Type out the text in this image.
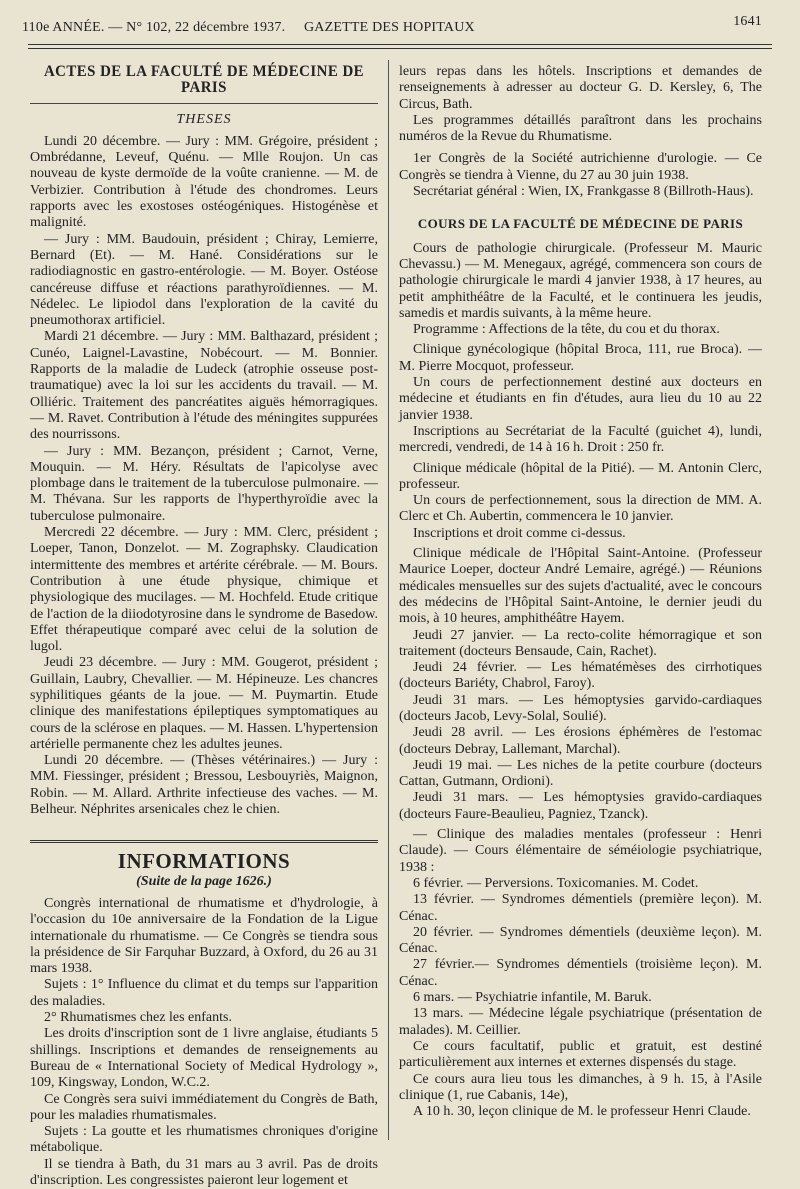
110e ANNÉE. — N° 102, 22 décembre 1937. GAZETTE DES HOPITAUX	1641
ACTES DE LA FACULTÉ DE MÉDECINE DE PARIS
THESES

Lundi 20 décembre. — Jury : MM. Grégoire, président ; Ombrédanne, Leveuf, Quénu. — Mlle Roujon. Un cas nouveau de kyste dermoïde de la voûte cranienne. — M. de Verbizier. Contribution à l'étude des chondromes. Leurs rapports avec les exostoses ostéogéniques. Histogénèse et malignité.

— Jury : MM. Baudouin, président ; Chiray, Lemierre, Bernard (Et). — M. Hané. Considérations sur le radiodiagnostic en gastro-entérologie. — M. Boyer. Ostéose cancéreuse diffuse et réactions parathyroïdiennes. — M. Nédelec. Le lipiodol dans l'exploration de la cavité du pneumothorax artificiel.

Mardi 21 décembre. — Jury : MM. Balthazard, président ; Cunéo, Laignel-Lavastine, Nobécourt. — M. Bonnier. Rapports de la maladie de Ludeck (atrophie osseuse post-traumatique) avec la loi sur les accidents du travail. — M. Olliéric. Traitement des pancréatites aiguës hémorragiques. — M. Ravet. Contribution à l'étude des méningites suppurées des nourrissons.

— Jury : MM. Bezançon, président ; Carnot, Verne, Mouquin. — M. Héry. Résultats de l'apicolyse avec plombage dans le traitement de la tuberculose pulmonaire. — M. Thévana. Sur les rapports de l'hyperthyroïdie avec la tuberculose pulmonaire.

Mercredi 22 décembre. — Jury : MM. Clerc, président ; Loeper, Tanon, Donzelot. — M. Zographsky. Claudication intermittente des membres et artérite cérébrale. — M. Bours. Contribution à une étude physique, chimique et physiologique des mucilages. — M. Hochfeld. Etude critique de l'action de la diiodotyrosine dans le syndrome de Basedow. Effet thérapeutique comparé avec celui de la solution de lugol.

Jeudi 23 décembre. — Jury : MM. Gougerot, président ; Guillain, Laubry, Chevallier. — M. Hépineuze. Les chancres syphilitiques géants de la joue. — M. Puymartin. Etude clinique des manifestations épileptiques symptomatiques au cours de la sclérose en plaques. — M. Hassen. L'hypertension artérielle permanente chez les adultes jeunes.

Lundi 20 décembre. — (Thèses vétérinaires.) — Jury : MM. Fiessinger, président ; Bressou, Lesbouyriès, Maignon, Robin. — M. Allard. Arthrite infectieuse des vaches. — M. Belheur. Néphrites arsenicales chez le chien.

INFORMATIONS
(Suite de la page 1626.)

Congrès international de rhumatisme et d'hydrologie, à l'occasion du 10e anniversaire de la Fondation de la Ligue internationale du rhumatisme. — Ce Congrès se tiendra sous la présidence de Sir Farquhar Buzzard, à Oxford, du 26 au 31 mars 1938.

Sujets : 1° Influence du climat et du temps sur l'apparition des maladies.

2° Rhumatismes chez les enfants.

Les droits d'inscription sont de 1 livre anglaise, étudiants 5 shillings. Inscriptions et demandes de renseignements au Bureau de « International Society of Medical Hydrology », 109, Kingsway, London, W.C.2.

Ce Congrès sera suivi immédiatement du Congrès de Bath, pour les maladies rhumatismales.

Sujets : La goutte et les rhumatismes chroniques d'origine métabolique.

Il se tiendra à Bath, du 31 mars au 3 avril. Pas de droits d'inscription. Les congressistes paieront leur logement et

leurs repas dans les hôtels. Inscriptions et demandes de renseignements à adresser au docteur G. D. Kersley, 6, The Circus, Bath.

Les programmes détaillés paraîtront dans les prochains numéros de la Revue du Rhumatisme.

1er Congrès de la Société autrichienne d'urologie. — Ce Congrès se tiendra à Vienne, du 27 au 30 juin 1938.

Secrétariat général : Wien, IX, Frankgasse 8 (Billroth-Haus).

COURS DE LA FACULTÉ DE MÉDECINE DE PARIS

Cours de pathologie chirurgicale. (Professeur M. Mauric Chevassu.) — M. Menegaux, agrégé, commencera son cours de pathologie chirurgicale le mardi 4 janvier 1938, à 17 heures, au petit amphithéâtre de la Faculté, et le continuera les jeudis, samedis et mardis suivants, à la même heure.

Programme : Affections de la tête, du cou et du thorax.

Clinique gynécologique (hôpital Broca, 111, rue Broca). — M. Pierre Mocquot, professeur.

Un cours de perfectionnement destiné aux docteurs en médecine et étudiants en fin d'études, aura lieu du 10 au 22 janvier 1938.

Inscriptions au Secrétariat de la Faculté (guichet 4), lundi, mercredi, vendredi, de 14 à 16 h. Droit : 250 fr.

Clinique médicale (hôpital de la Pitié). — M. Antonin Clerc, professeur.

Un cours de perfectionnement, sous la direction de MM. A. Clerc et Ch. Aubertin, commencera le 10 janvier.

Inscriptions et droit comme ci-dessus.

Clinique médicale de l'Hôpital Saint-Antoine. (Professeur Maurice Loeper, docteur André Lemaire, agrégé.) — Réunions médicales mensuelles sur des sujets d'actualité, avec le concours des médecins de l'Hôpital Saint-Antoine, le dernier jeudi du mois, à 10 heures, amphithéâtre Hayem.

Jeudi 27 janvier. — La recto-colite hémorragique et son traitement (docteurs Bensaude, Cain, Rachet).

Jeudi 24 février. — Les hématémèses des cirrhotiques (docteurs Bariéty, Chabrol, Faroy).

Jeudi 31 mars. — Les hémoptysies garvido-cardiaques (docteurs Jacob, Levy-Solal, Soulié).

Jeudi 28 avril. — Les érosions éphémères de l'estomac (docteurs Debray, Lallemant, Marchal).

Jeudi 19 mai. — Les niches de la petite courbure (docteurs Cattan, Gutmann, Ordioni).

Jeudi 31 mars. — Les hémoptysies gravido-cardiaques (docteurs Faure-Beaulieu, Pagniez, Tzanck).

— Clinique des maladies mentales (professeur : Henri Claude). — Cours élémentaire de séméiologie psychiatrique, 1938 :

6 février. — Perversions. Toxicomanies. M. Codet.

13 février. — Syndromes démentiels (première leçon). M. Cénac.

20 février. — Syndromes démentiels (deuxième leçon). M. Cénac.

27 février.— Syndromes démentiels (troisième leçon). M. Cénac.

6 mars. — Psychiatrie infantile, M. Baruk.

13 mars. — Médecine légale psychiatrique (présentation de malades). M. Ceillier.

Ce cours facultatif, public et gratuit, est destiné particulièrement aux internes et externes dispensés du stage.

Ce cours aura lieu tous les dimanches, à 9 h. 15, à l'Asile clinique (1, rue Cabanis, 14e),

A 10 h. 30, leçon clinique de M. le professeur Henri Claude.
